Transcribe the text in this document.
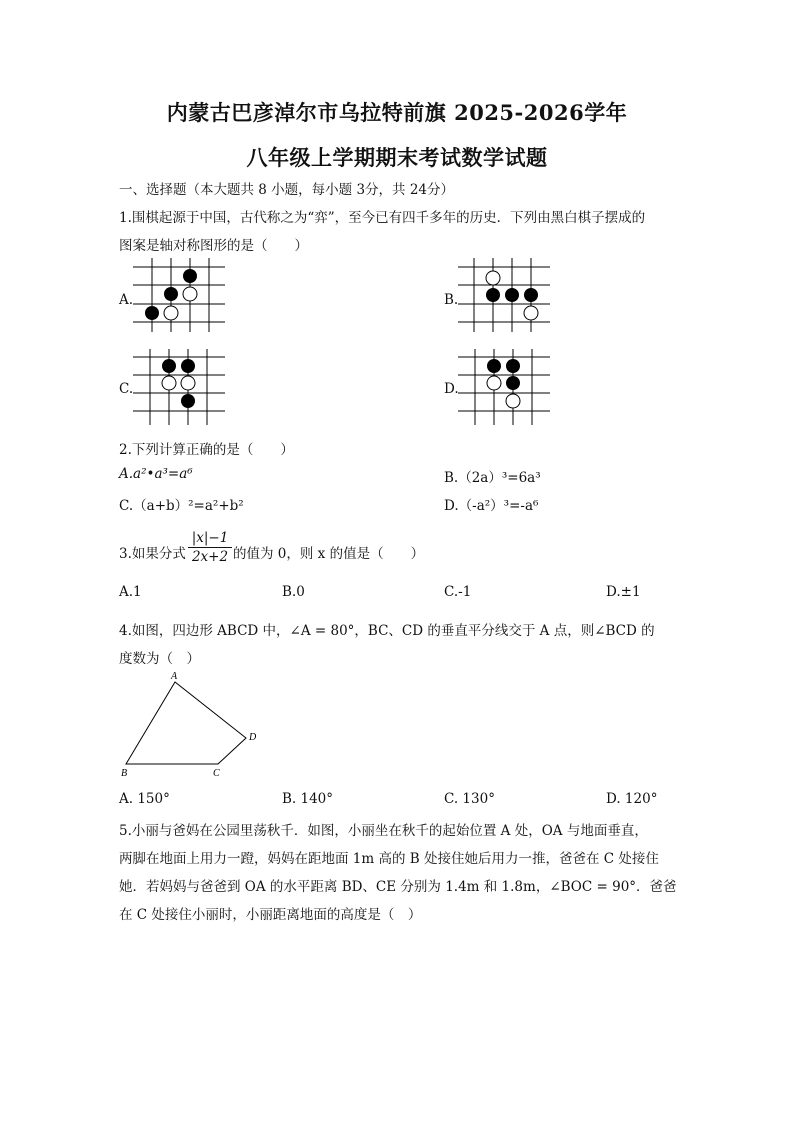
内蒙古巴彦淖尔市乌拉特前旗 2025-2026学年
八年级上学期期末考试数学试题
一、选择题（本大题共 8 小题，每小题 3分，共 24分）
1.围棋起源于中国，古代称之为“弈”，至今已有四千多年的历史．下列由黑白棋子摆成的
图案是轴对称图形的是（　　）
A.	B.
C.	D.
2.下列计算正确的是（　　）
A.a²•a³=a⁶	B.（2a）³=6a³
C.（a+b）²=a²+b²	D.（-a²）³=-a⁶
3.如果分式 $\frac{|x|-1}{2x+2}$ 的值为 0，则 x 的值是（　　）
A.1	B.0	C.-1	D.±1
4.如图，四边形 ABCD 中，∠A = 80°，BC、CD 的垂直平分线交于 A 点，则∠BCD 的
度数为（　）
A
B	C
D
A. 150°	B. 140°	C. 130°	D. 120°
5.小丽与爸妈在公园里荡秋千．如图，小丽坐在秋千的起始位置 A 处，OA 与地面垂直，
两脚在地面上用力一蹬，妈妈在距地面 1m 高的 B 处接住她后用力一推，爸爸在 C 处接住
她．若妈妈与爸爸到 OA 的水平距离 BD、CE 分别为 1.4m 和 1.8m，∠BOC = 90°．爸爸
在 C 处接住小丽时，小丽距离地面的高度是（　）
